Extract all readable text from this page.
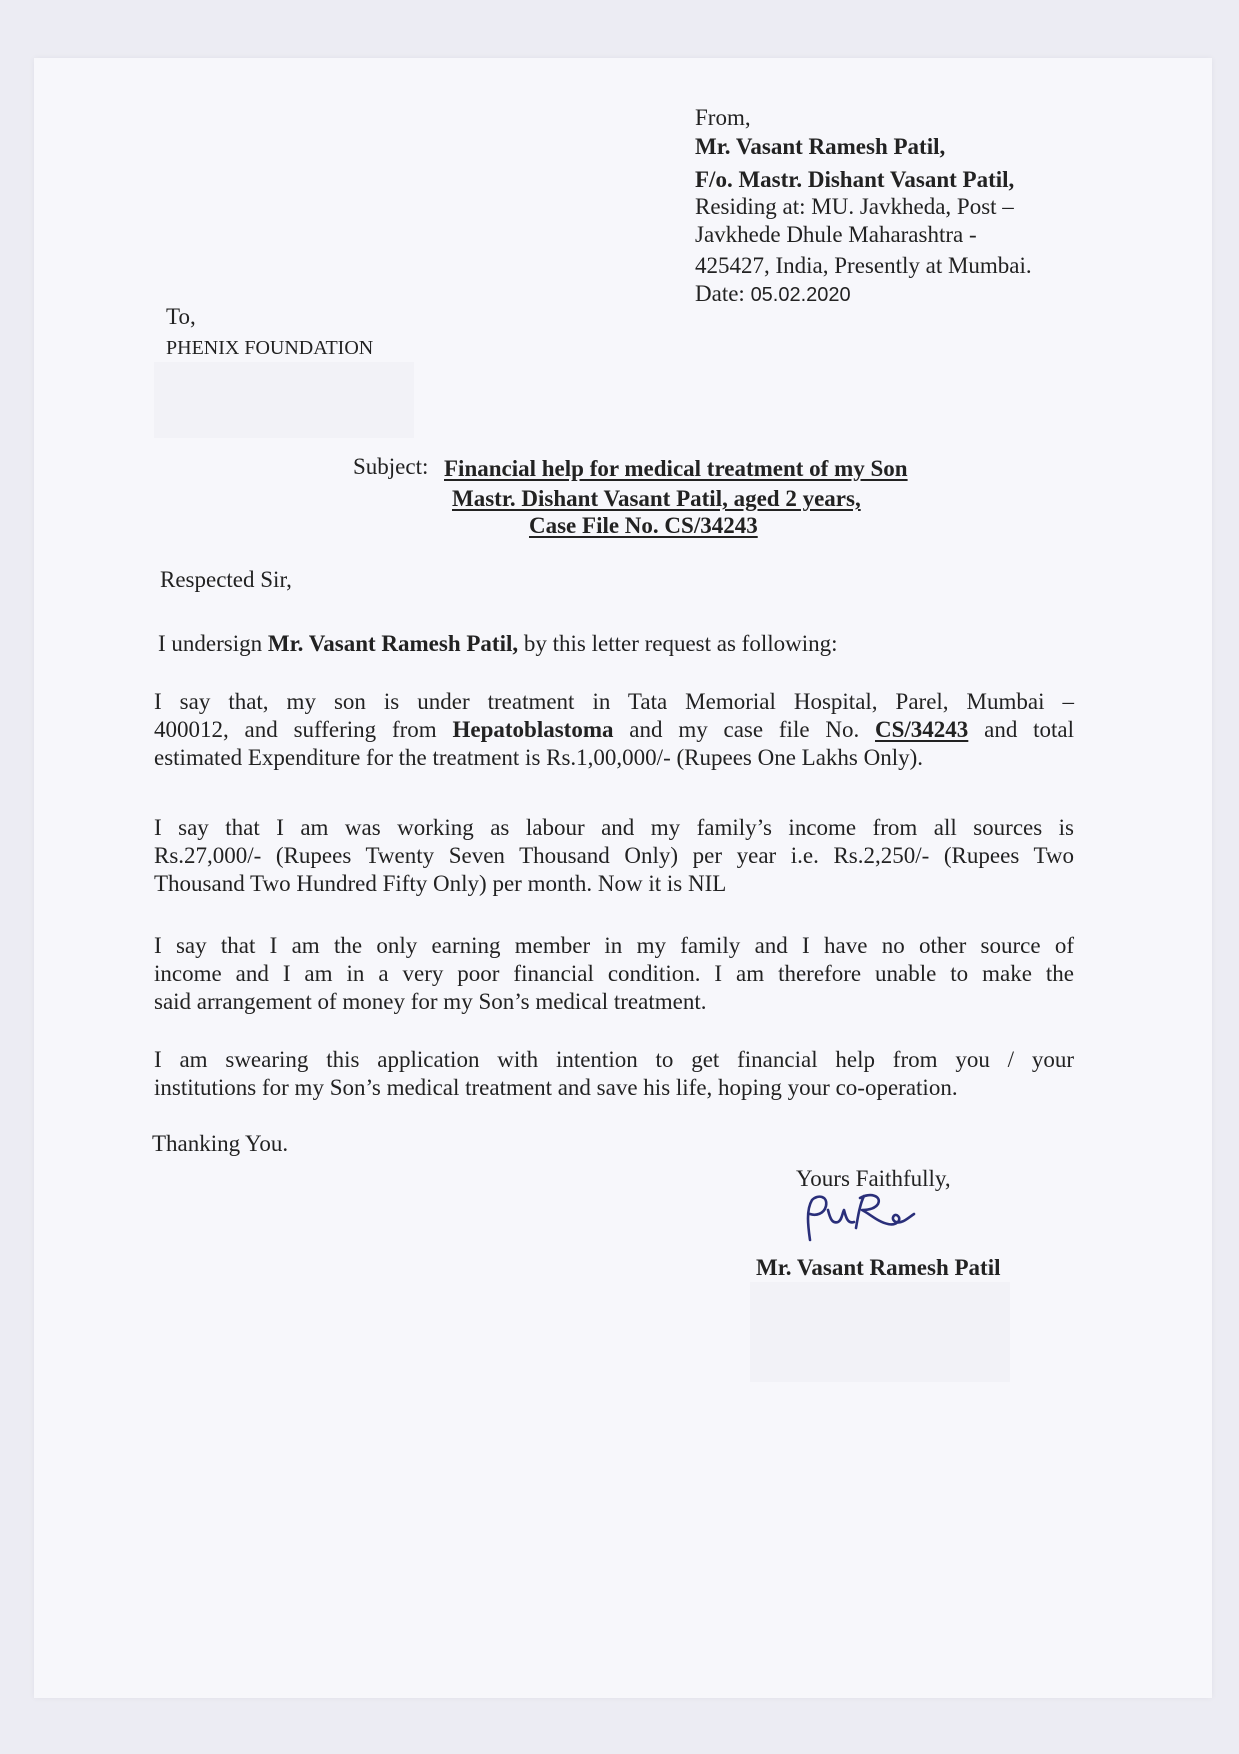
From,
Mr. Vasant Ramesh Patil,
F/o. Mastr. Dishant Vasant Patil,
Residing at: MU. Javkheda, Post –
Javkhede Dhule Maharashtra -
425427, India, Presently at Mumbai.
Date: 05.02.2020
To,
PHENIX FOUNDATION
Subject: Financial help for medical treatment of my Son
Mastr. Dishant Vasant Patil, aged 2 years,
Case File No. CS/34243
Respected Sir,
I undersign Mr. Vasant Ramesh Patil, by this letter request as following:
I say that, my son is under treatment in Tata Memorial Hospital, Parel, Mumbai –
400012, and suffering from Hepatoblastoma and my case file No. CS/34243 and total
estimated Expenditure for the treatment is Rs.1,00,000/- (Rupees One Lakhs Only).
I say that I am was working as labour and my family’s income from all sources is
Rs.27,000/- (Rupees Twenty Seven Thousand Only) per year i.e. Rs.2,250/- (Rupees Two
Thousand Two Hundred Fifty Only) per month. Now it is NIL
I say that I am the only earning member in my family and I have no other source of
income and I am in a very poor financial condition. I am therefore unable to make the
said arrangement of money for my Son’s medical treatment.
I am swearing this application with intention to get financial help from you / your
institutions for my Son’s medical treatment and save his life, hoping your co-operation.
Thanking You.
Yours Faithfully,
Mr. Vasant Ramesh Patil
